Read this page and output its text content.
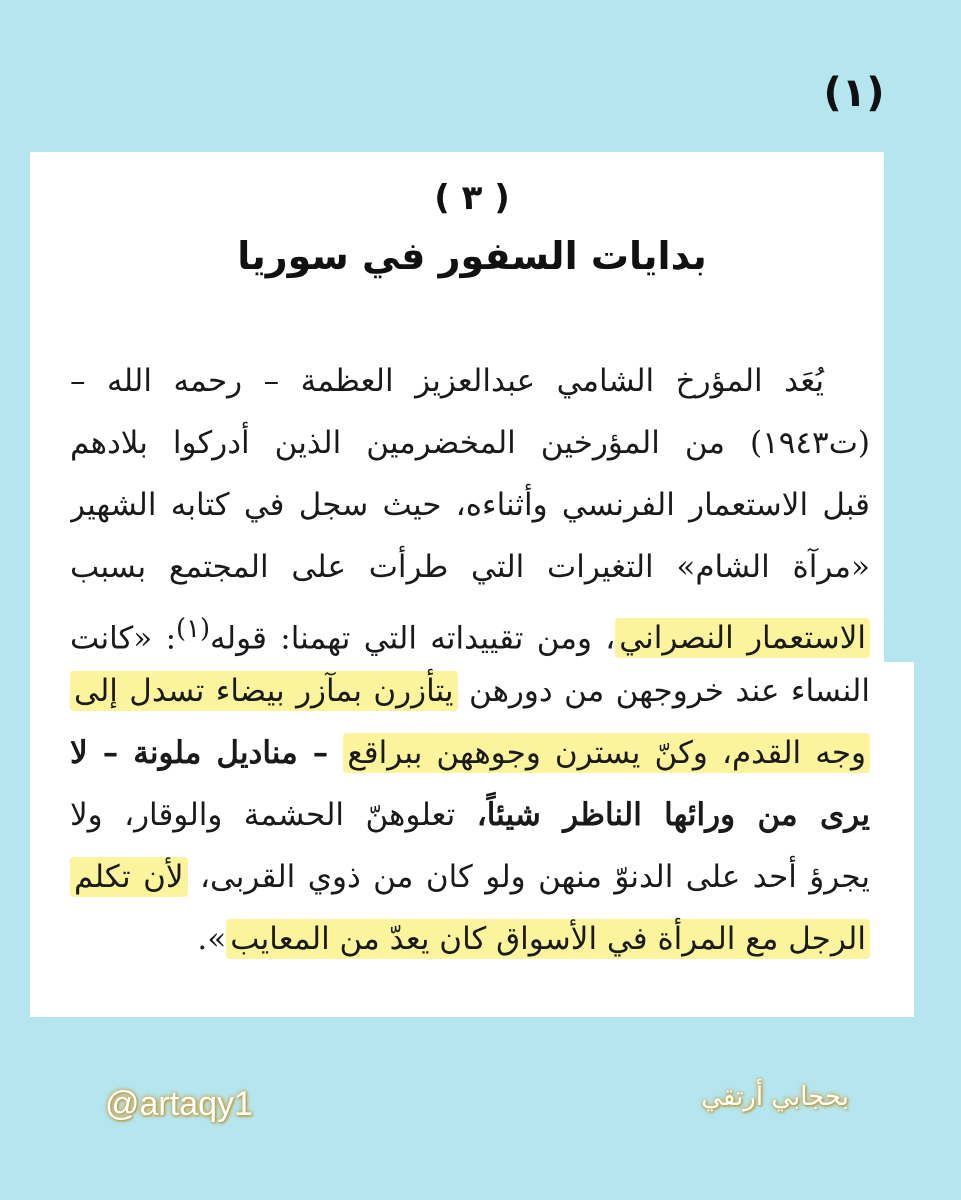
(١)
( ٣ )
بدايات السفور في سوريا
يُعَد المؤرخ الشامي عبدالعزيز العظمة – رحمه الله –
(ت١٩٤٣) من المؤرخين المخضرمين الذين أدركوا بلادهم
قبل الاستعمار الفرنسي وأثناءه، حيث سجل في كتابه الشهير
«مرآة الشام» التغيرات التي طرأت على المجتمع بسبب
الاستعمار النصراني، ومن تقييداته التي تهمنا: قوله$^{(١)}$: «كانت
النساء عند خروجهن من دورهن يتأزرن بمآزر بيضاء تسدل إلى
وجه القدم، وكنّ يسترن وجوههن ببراقع – مناديل ملونة – لا
يرى من ورائها الناظر شيئاً، تعلوهنّ الحشمة والوقار، ولا
يجرؤ أحد على الدنوّ منهن ولو كان من ذوي القربى، لأن تكلم
الرجل مع المرأة في الأسواق كان يعدّ من المعايب».
@artaqy1	بحجابي أرتقي
